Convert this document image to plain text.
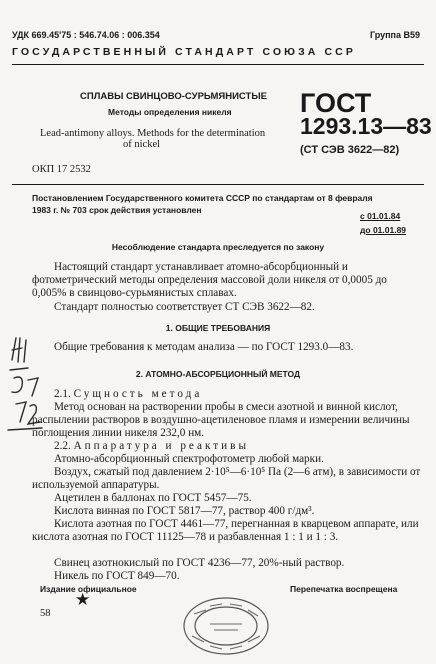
УДК 669.45'75 : 546.74.06 : 006.354	Группа В59
ГОСУДАРСТВЕННЫЙ СТАНДАРТ СОЮЗА ССР
СПЛАВЫ СВИНЦОВО-СУРЬМЯНИСТЫЕ
Методы определения никеля
Lead-antimony alloys. Methods for the determination
of nickel
ГОСТ
1293.13—83
(СТ СЭВ 3622—82)
ОКП 17 2532
Постановлением Государственного комитета СССР по стандартам от 8 февраля
1983 г. № 703 срок действия установлен
с 01.01.84
до 01.01.89
Несоблюдение стандарта преследуется по закону
Настоящий стандарт устанавливает атомно-абсорбционный и фотометрический методы определения массовой доли никеля от 0,0005 до 0,005% в свинцово-сурьмянистых сплавах.
Стандарт полностью соответствует СТ СЭВ 3622—82.
1. ОБЩИЕ ТРЕБОВАНИЯ
Общие требования к методам анализа — по ГОСТ 1293.0—83.
2. АТОМНО-АБСОРБЦИОННЫЙ МЕТОД
2.1. Сущность метода
Метод основан на растворении пробы в смеси азотной и винной кислот, распылении растворов в воздушно-ацетиленовое пламя и измерении величины поглощения линии никеля 232,0 нм.
2.2. Аппаратура и реактивы
Атомно-абсорбционный спектрофотометр любой марки.
Воздух, сжатый под давлением 2·10⁵—6·10⁵ Па (2—6 атм), в зависимости от используемой аппаратуры.
Ацетилен в баллонах по ГОСТ 5457—75.
Кислота винная по ГОСТ 5817—77, раствор 400 г/дм³.
Кислота азотная по ГОСТ 4461—77, перегнанная в кварцевом аппарате, или кислота азотная по ГОСТ 11125—78 и разбавленная 1 : 1 и 1 : 3.
Свинец азотнокислый по ГОСТ 4236—77, 20%-ный раствор.
Никель по ГОСТ 849—70.
Издание официальное	Перепечатка воспрещена
★
58
